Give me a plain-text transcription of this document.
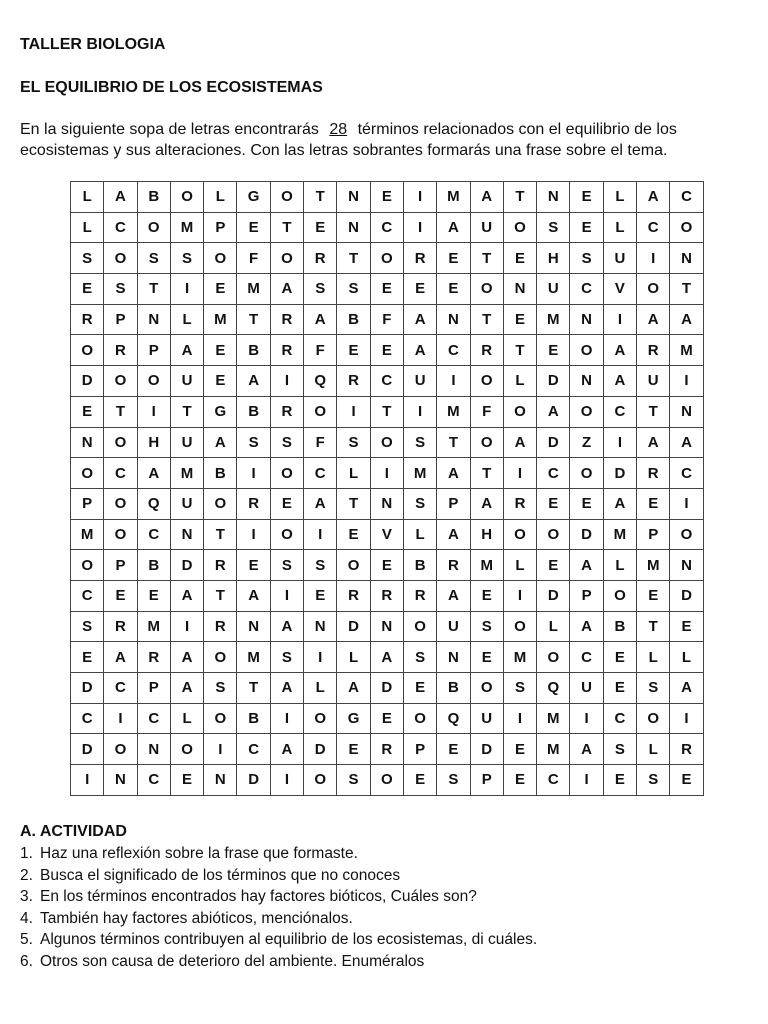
TALLER BIOLOGIA
EL EQUILIBRIO DE LOS ECOSISTEMAS

En la siguiente sopa de letras encontrarás 28 términos relacionados con el equilibrio de los ecosistemas y sus alteraciones. Con las letras sobrantes formarás una frase sobre el tema.

L	A	B	O	L	G	O	T	N	E	I	M	A	T	N	E	L	A	C
L	C	O	M	P	E	T	E	N	C	I	A	U	O	S	E	L	C	O
S	O	S	S	O	F	O	R	T	O	R	E	T	E	H	S	U	I	N
E	S	T	I	E	M	A	S	S	E	E	E	O	N	U	C	V	O	T
R	P	N	L	M	T	R	A	B	F	A	N	T	E	M	N	I	A	A
O	R	P	A	E	B	R	F	E	E	A	C	R	T	E	O	A	R	M
D	O	O	U	E	A	I	Q	R	C	U	I	O	L	D	N	A	U	I
E	T	I	T	G	B	R	O	I	T	I	M	F	O	A	O	C	T	N
N	O	H	U	A	S	S	F	S	O	S	T	O	A	D	Z	I	A	A
O	C	A	M	B	I	O	C	L	I	M	A	T	I	C	O	D	R	C
P	O	Q	U	O	R	E	A	T	N	S	P	A	R	E	E	A	E	I
M	O	C	N	T	I	O	I	E	V	L	A	H	O	O	D	M	P	O
O	P	B	D	R	E	S	S	O	E	B	R	M	L	E	A	L	M	N
C	E	E	A	T	A	I	E	R	R	R	A	E	I	D	P	O	E	D
S	R	M	I	R	N	A	N	D	N	O	U	S	O	L	A	B	T	E
E	A	R	A	O	M	S	I	L	A	S	N	E	M	O	C	E	L	L
D	C	P	A	S	T	A	L	A	D	E	B	O	S	Q	U	E	S	A
C	I	C	L	O	B	I	O	G	E	O	Q	U	I	M	I	C	O	I
D	O	N	O	I	C	A	D	E	R	P	E	D	E	M	A	S	L	R
I	N	C	E	N	D	I	O	S	O	E	S	P	E	C	I	E	S	E
A. ACTIVIDAD
1. Haz una reflexión sobre la frase que formaste.
2. Busca el significado de los términos que no conoces
3. En los términos encontrados hay factores bióticos, Cuáles son?
4. También hay factores abióticos, menciónalos.
5. Algunos términos contribuyen al equilibrio de los ecosistemas, di cuáles.
6. Otros son causa de deterioro del ambiente. Enuméralos
